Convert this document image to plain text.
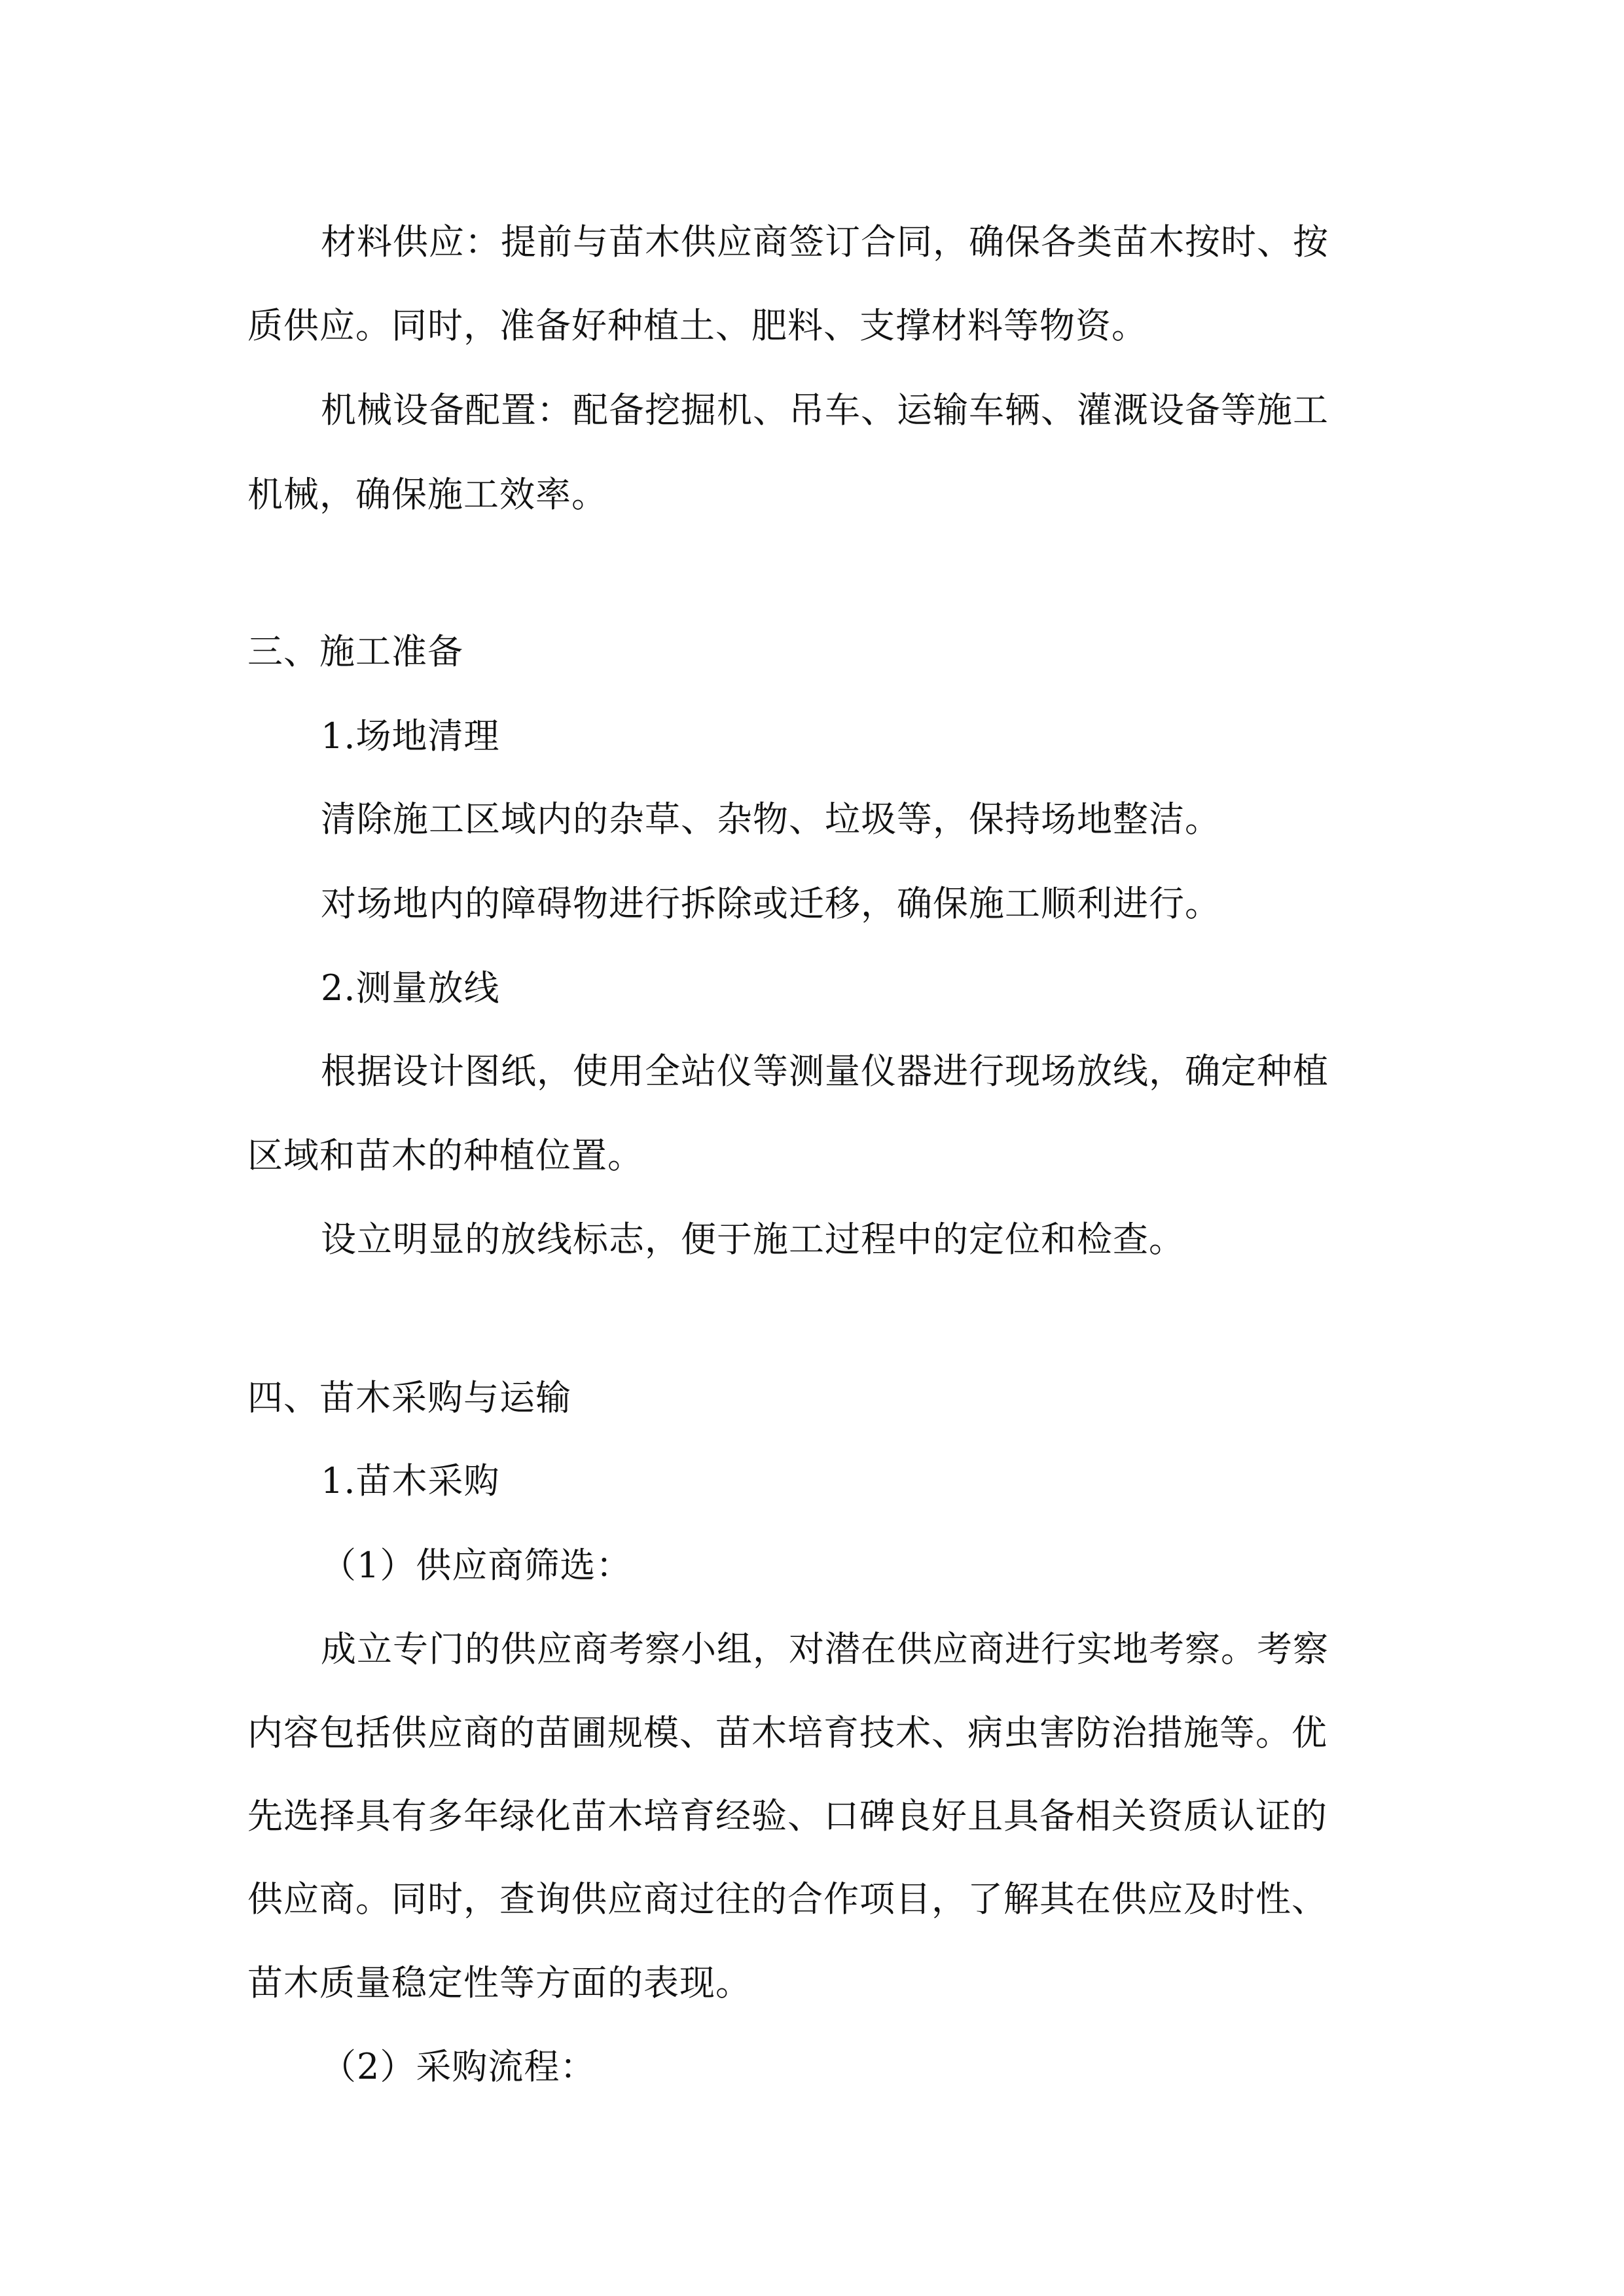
材料供应：提前与苗木供应商签订合同，确保各类苗木按时、按
质供应。同时，准备好种植土、肥料、支撑材料等物资。
机械设备配置：配备挖掘机、吊车、运输车辆、灌溉设备等施工
机械，确保施工效率。
三、施工准备
1.场地清理
清除施工区域内的杂草、杂物、垃圾等，保持场地整洁。
对场地内的障碍物进行拆除或迁移，确保施工顺利进行。
2.测量放线
根据设计图纸，使用全站仪等测量仪器进行现场放线，确定种植
区域和苗木的种植位置。
设立明显的放线标志，便于施工过程中的定位和检查。
四、苗木采购与运输
1.苗木采购
（1）供应商筛选：
成立专门的供应商考察小组，对潜在供应商进行实地考察。考察
内容包括供应商的苗圃规模、苗木培育技术、病虫害防治措施等。优
先选择具有多年绿化苗木培育经验、口碑良好且具备相关资质认证的
供应商。同时，查询供应商过往的合作项目，了解其在供应及时性、
苗木质量稳定性等方面的表现。
（2）采购流程：
